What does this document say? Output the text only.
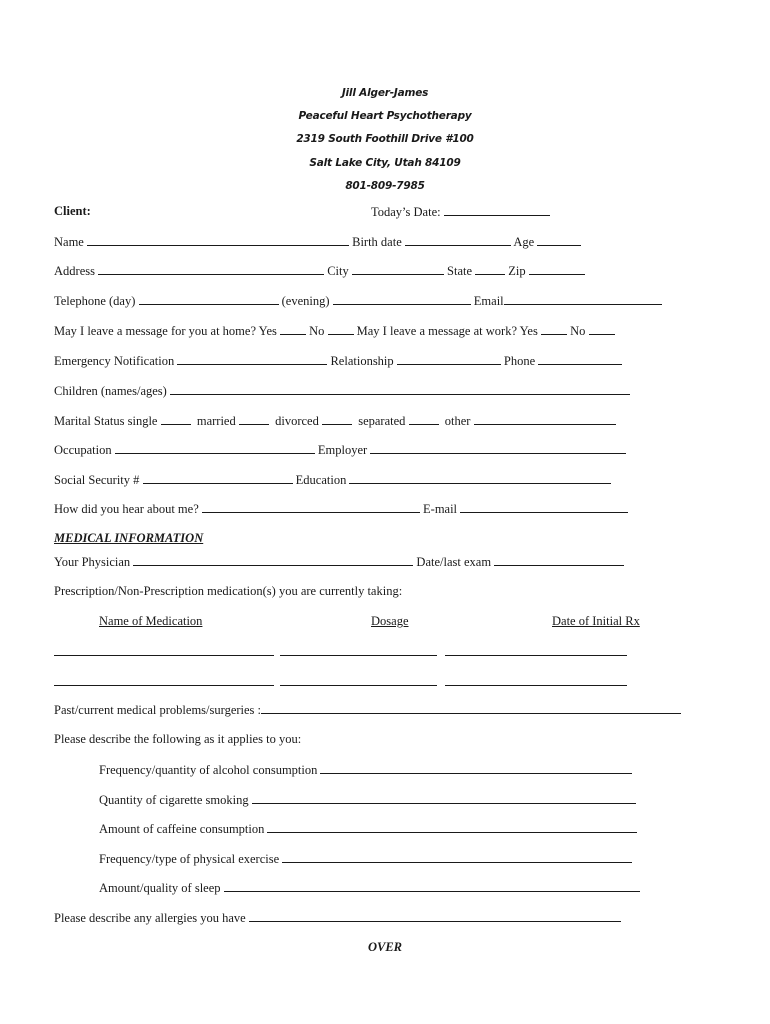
Jill Alger-James
Peaceful Heart Psychotherapy
2319 South Foothill Drive #100
Salt Lake City, Utah 84109
801-809-7985
Client:	Today’s Date:
Name	Birth date	Age
Address	City	State	Zip
Telephone (day)	(evening)	Email
May I leave a message for you at home? Yes	No	May I leave a message at work? Yes	No
Emergency Notification	Relationship	Phone
Children (names/ages)
Marital Status single	married	divorced	separated	other
Occupation	Employer
Social Security #	Education
How did you hear about me?	E-mail
MEDICAL INFORMATION
Your Physician	Date/last exam
Prescription/Non-Prescription medication(s) you are currently taking:
Name of Medication	Dosage	Date of Initial Rx
Past/current medical problems/surgeries :
Please describe the following as it applies to you:
Frequency/quantity of alcohol consumption
Quantity of cigarette smoking
Amount of caffeine consumption
Frequency/type of physical exercise
Amount/quality of sleep
Please describe any allergies you have
OVER
